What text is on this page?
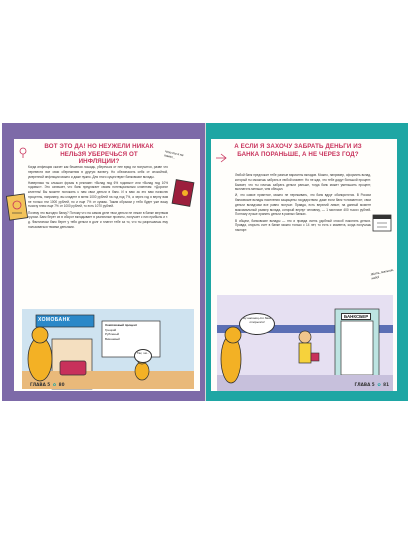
ВОТ ЭТО ДА! НО НЕУЖЕЛИ НИКАК НЕЛЬЗЯ УБЕРЕЧЬСЯ ОТ ИНФЛЯЦИИ?
Что-то я не понял...

Когда инфляция скачет как бешеная лошадь, уберечься от нее вряд ли получится, разве что перевести все свои сбережения в другую валюту. Но обезопасить себя от спокойной, умеренной инфляции можно и даже нужно. Для этого существуют банковские вклады.

Наверняка ты слышал фразы в рекламе: «Вклад под 6% годовых» или «Вклад под 10% годовых». Это означает, что банк предлагает своим потенциальным клиентам: «Дорогие клиенты! Вы можете положить к нам свои деньги в банк. И я вам за это вам начислю проценты, например, вы кладете в меня 1000 рублей на год под 7%, а через год я верну вам не только эти 1000 рублей, но и еще 7% от суммы. Таким образом у тебя будет уже вашу тысячу плюс еще 7% от 1000 рублей, то есть 1070 рублей.

Почему это выгодно банку? Потому что на самом деле твои деньги не лежат в банке мертвым грузом. Банк берет их в оборот вкладывает в различные проекты, получает с них прибыль и т. д. Фактически банк берет у тебя деньги в долг и платит тебе за то, что ты разрешаешь ему пользоваться твоими деньгами.

ХОМОБАНК
Хомячковый процент
Грецкий
Рубленый
Вишневый
Так, хм...
ГЛАВА 5 ✿ 80
А ЕСЛИ Я ЗАХОЧУ ЗАБРАТЬ ДЕНЬГИ ИЗ БАНКА ПОРАНЬШЕ, А НЕ ЧЕРЕЗ ГОД?

Любой банк предложит тебе разные варианты вкладов. Можно, например, оформить вклад, который ты сможешь забрать в любой момент. Но не жди, что тебе дадут большой процент. Бывает, что ты хочешь забрать деньги раньше, тогда банк может уменьшить процент, выплатить меньше, чем обещал.

И, что самое приятное, можно не переживать, что банк вдруг обанкротится. В России банковские вклады населения защищены государством: даже если банк «сломается», свои деньги вкладчики все равно получат. Правда, есть верхний лимит, на данный момент максимальный размер вклада, который вернут человеку, — 1 миллион 400 тысяч рублей. Поэтому лучше хранить деньги в разных банках.

В общем, банковские вклады — это и правда очень удобный способ накопить деньги. Правда, открыть счет в банке можно только с 14 лет, то есть с момента, когда получишь паспорт.

Жить, мальчик, надо!
БАНКСБЕР
Ну наконец-то банк открылся!
ГЛАВА 5 ✿ 81
